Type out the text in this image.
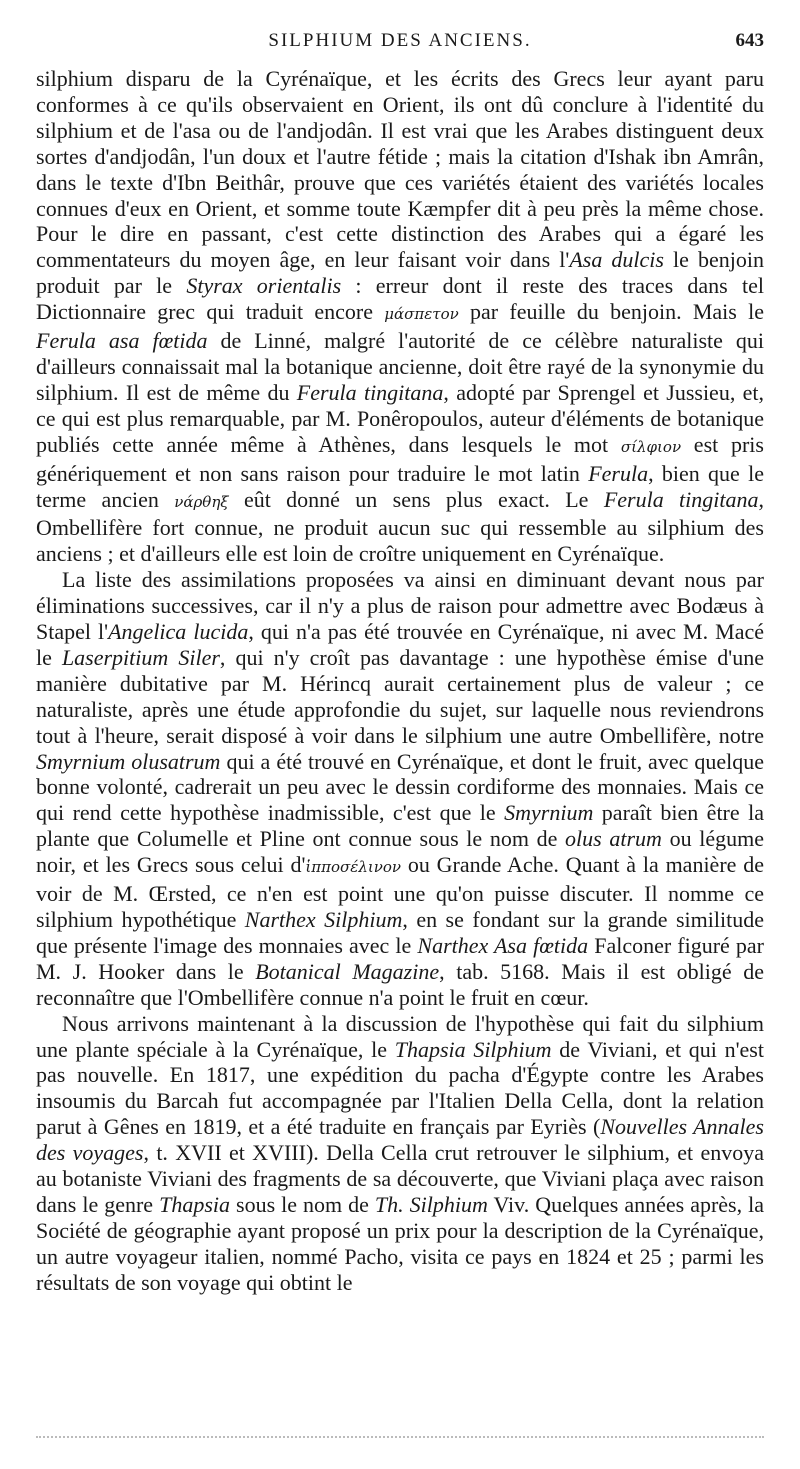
SILPHIUM DES ANCIENS.	643

silphium disparu de la Cyrénaïque, et les écrits des Grecs leur ayant paru conformes à ce qu'ils observaient en Orient, ils ont dû conclure à l'identité du silphium et de l'asa ou de l'andjodân. Il est vrai que les Arabes distinguent deux sortes d'andjodân, l'un doux et l'autre fétide ; mais la citation d'Ishak ibn Amrân, dans le texte d'Ibn Beithâr, prouve que ces variétés étaient des variétés locales connues d'eux en Orient, et somme toute Kæmpfer dit à peu près la même chose. Pour le dire en passant, c'est cette distinction des Arabes qui a égaré les commentateurs du moyen âge, en leur faisant voir dans l'Asa dulcis le benjoin produit par le Styrax orientalis : erreur dont il reste des traces dans tel Dictionnaire grec qui traduit encore μάσπετον par feuille du benjoin. Mais le Ferula asa fœtida de Linné, malgré l'autorité de ce célèbre naturaliste qui d'ailleurs connaissait mal la botanique ancienne, doit être rayé de la synonymie du silphium. Il est de même du Ferula tingitana, adopté par Sprengel et Jussieu, et, ce qui est plus remarquable, par M. Ponêropoulos, auteur d'éléments de botanique publiés cette année même à Athènes, dans lesquels le mot σίλφιον est pris génériquement et non sans raison pour traduire le mot latin Ferula, bien que le terme ancien νάρθηξ eût donné un sens plus exact. Le Ferula tingitana, Ombellifère fort connue, ne produit aucun suc qui ressemble au silphium des anciens ; et d'ailleurs elle est loin de croître uniquement en Cyrénaïque.

La liste des assimilations proposées va ainsi en diminuant devant nous par éliminations successives, car il n'y a plus de raison pour admettre avec Bodæus à Stapel l'Angelica lucida, qui n'a pas été trouvée en Cyrénaïque, ni avec M. Macé le Laserpitium Siler, qui n'y croît pas davantage : une hypothèse émise d'une manière dubitative par M. Hérincq aurait certainement plus de valeur ; ce naturaliste, après une étude approfondie du sujet, sur laquelle nous reviendrons tout à l'heure, serait disposé à voir dans le silphium une autre Ombellifère, notre Smyrnium olusatrum qui a été trouvé en Cyrénaïque, et dont le fruit, avec quelque bonne volonté, cadrerait un peu avec le dessin cordiforme des monnaies. Mais ce qui rend cette hypothèse inadmissible, c'est que le Smyrnium paraît bien être la plante que Columelle et Pline ont connue sous le nom de olus atrum ou légume noir, et les Grecs sous celui d'ἱπποσέλινον ou Grande Ache. Quant à la manière de voir de M. Œrsted, ce n'en est point une qu'on puisse discuter. Il nomme ce silphium hypothétique Narthex Silphium, en se fondant sur la grande similitude que présente l'image des monnaies avec le Narthex Asa fœtida Falconer figuré par M. J. Hooker dans le Botanical Magazine, tab. 5168. Mais il est obligé de reconnaître que l'Ombellifère connue n'a point le fruit en cœur.

Nous arrivons maintenant à la discussion de l'hypothèse qui fait du silphium une plante spéciale à la Cyrénaïque, le Thapsia Silphium de Viviani, et qui n'est pas nouvelle. En 1817, une expédition du pacha d'Égypte contre les Arabes insoumis du Barcah fut accompagnée par l'Italien Della Cella, dont la relation parut à Gênes en 1819, et a été traduite en français par Eyriès (Nouvelles Annales des voyages, t. XVII et XVIII). Della Cella crut retrouver le silphium, et envoya au botaniste Viviani des fragments de sa découverte, que Viviani plaça avec raison dans le genre Thapsia sous le nom de Th. Silphium Viv. Quelques années après, la Société de géographie ayant proposé un prix pour la description de la Cyrénaïque, un autre voyageur italien, nommé Pacho, visita ce pays en 1824 et 25 ; parmi les résultats de son voyage qui obtint le
